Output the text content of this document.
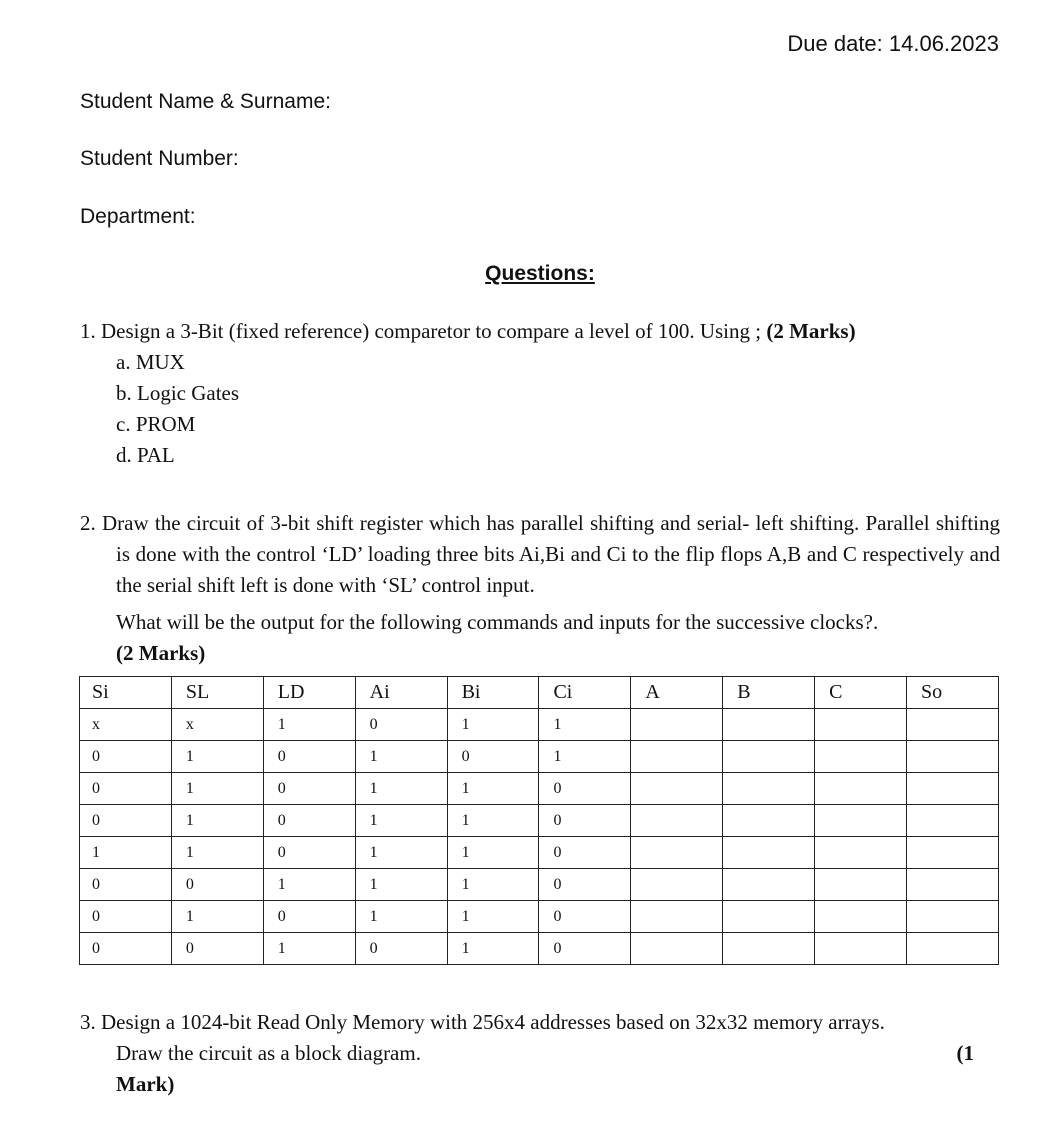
Due date: 14.06.2023
Student Name & Surname:
Student Number:
Department:
Questions:
1. Design a 3-Bit (fixed reference) comparetor to compare a level of 100. Using ; (2 Marks)
a. MUX
b. Logic Gates
c. PROM
d. PAL
2. Draw the circuit of 3-bit shift register which has parallel shifting and serial- left shifting. Parallel shifting is done with the control ‘LD’ loading three bits Ai,Bi and Ci to the flip flops A,B and C respectively and the serial shift left is done with ‘SL’ control input.
What will be the output for the following commands and inputs for the successive clocks?.
(2 Marks)
Si	SL	LD	Ai	Bi	Ci	A	B	C	So
x	x	1	0	1	1				
0	1	0	1	0	1				
0	1	0	1	1	0				
0	1	0	1	1	0				
1	1	0	1	1	0				
0	0	1	1	1	0				
0	1	0	1	1	0				
0	0	1	0	1	0				
3. Design a 1024-bit Read Only Memory with 256x4 addresses based on 32x32 memory arrays.
Draw the circuit as a block diagram.	(1
Mark)
